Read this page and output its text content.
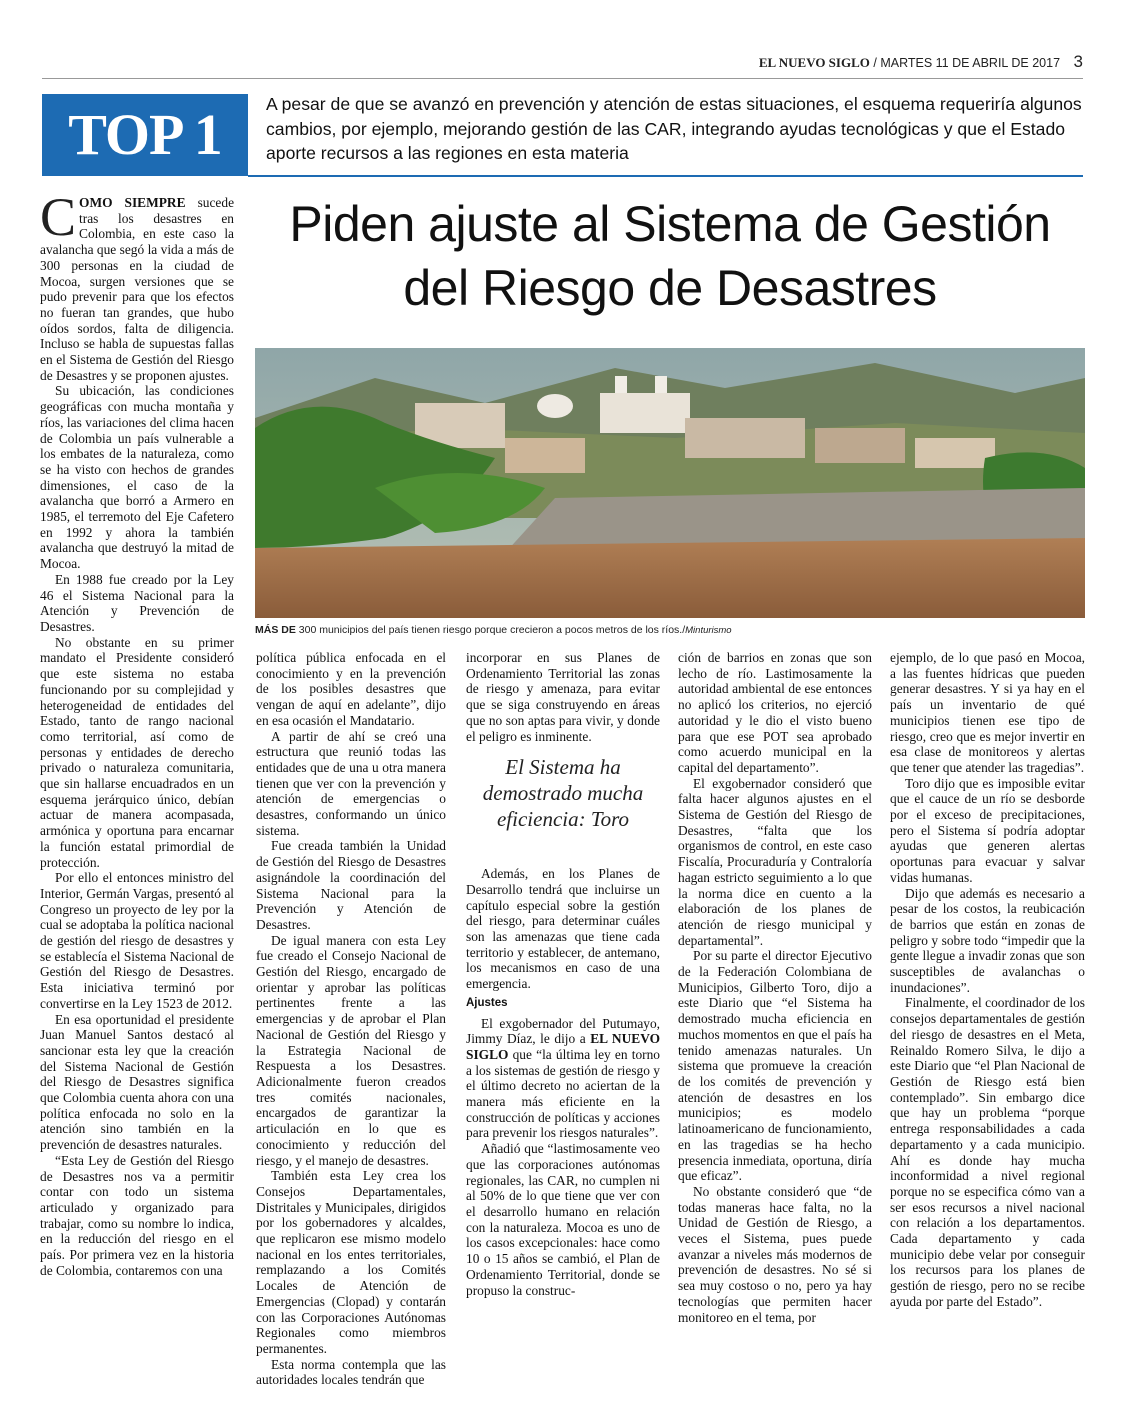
EL NUEVO SIGLO / MARTES 11 DE ABRIL DE 2017 3
TOP 1	A pesar de que se avanzó en prevención y atención de estas situaciones, el esquema requeriría algunos cambios, por ejemplo, mejorando gestión de las CAR, integrando ayudas tecnológicas y que el Estado aporte recursos a las regiones en esta materia
Piden ajuste al Sistema de Gestión del Riesgo de Desastres
MÁS DE 300 municipios del país tienen riesgo porque crecieron a pocos metros de los ríos./Minturismo

COMO SIEMPRE sucede tras los desastres en Colombia, en este caso la avalancha que segó la vida a más de 300 personas en la ciudad de Mocoa, surgen versiones que se pudo prevenir para que los efectos no fueran tan grandes, que hubo oídos sordos, falta de diligencia. Incluso se habla de supuestas fallas en el Sistema de Gestión del Riesgo de Desastres y se proponen ajustes.

Su ubicación, las condiciones geográficas con mucha montaña y ríos, las variaciones del clima hacen de Colombia un país vulnerable a los embates de la naturaleza, como se ha visto con hechos de grandes dimensiones, el caso de la avalancha que borró a Armero en 1985, el terremoto del Eje Cafetero en 1992 y ahora la también avalancha que destruyó la mitad de Mocoa.

En 1988 fue creado por la Ley 46 el Sistema Nacional para la Atención y Prevención de Desastres.

No obstante en su primer mandato el Presidente consideró que este sistema no estaba funcionando por su complejidad y heterogeneidad de entidades del Estado, tanto de rango nacional como territorial, así como de personas y entidades de derecho privado o naturaleza comunitaria, que sin hallarse encuadrados en un esquema jerárquico único, debían actuar de manera acompasada, armónica y oportuna para encarnar la función estatal primordial de protección.

Por ello el entonces ministro del Interior, Germán Vargas, presentó al Congreso un proyecto de ley por la cual se adoptaba la política nacional de gestión del riesgo de desastres y se establecía el Sistema Nacional de Gestión del Riesgo de Desastres. Esta iniciativa terminó por convertirse en la Ley 1523 de 2012.

En esa oportunidad el presidente Juan Manuel Santos destacó al sancionar esta ley que la creación del Sistema Nacional de Gestión del Riesgo de Desastres significa que Colombia cuenta ahora con una política enfocada no solo en la atención sino también en la prevención de desastres naturales.

“Esta Ley de Gestión del Riesgo de Desastres nos va a permitir contar con todo un sistema articulado y organizado para trabajar, como su nombre lo indica, en la reducción del riesgo en el país. Por primera vez en la historia de Colombia, contaremos con una

política pública enfocada en el conocimiento y en la prevención de los posibles desastres que vengan de aquí en adelante”, dijo en esa ocasión el Mandatario.

A partir de ahí se creó una estructura que reunió todas las entidades que de una u otra manera tienen que ver con la prevención y atención de emergencias o desastres, conformando un único sistema.

Fue creada también la Unidad de Gestión del Riesgo de Desastres asignándole la coordinación del Sistema Nacional para la Prevención y Atención de Desastres.

De igual manera con esta Ley fue creado el Consejo Nacional de Gestión del Riesgo, encargado de orientar y aprobar las políticas pertinentes frente a las emergencias y de aprobar el Plan Nacional de Gestión del Riesgo y la Estrategia Nacional de Respuesta a los Desastres. Adicionalmente fueron creados tres comités nacionales, encargados de garantizar la articulación en lo que es conocimiento y reducción del riesgo, y el manejo de desastres.

También esta Ley crea los Consejos Departamentales, Distritales y Municipales, dirigidos por los gobernadores y alcaldes, que replicaron ese mismo modelo nacional en los entes territoriales, remplazando a los Comités Locales de Atención de Emergencias (Clopad) y contarán con las Corporaciones Autónomas Regionales como miembros permanentes.

Esta norma contempla que las autoridades locales tendrán que

incorporar en sus Planes de Ordenamiento Territorial las zonas de riesgo y amenaza, para evitar que se siga construyendo en áreas que no son aptas para vivir, y donde el peligro es inminente.

El Sistema ha demostrado mucha eficiencia: Toro

Además, en los Planes de Desarrollo tendrá que incluirse un capítulo especial sobre la gestión del riesgo, para determinar cuáles son las amenazas que tiene cada territorio y establecer, de antemano, los mecanismos en caso de una emergencia.

Ajustes

El exgobernador del Putumayo, Jimmy Díaz, le dijo a EL NUEVO SIGLO que “la última ley en torno a los sistemas de gestión de riesgo y el último decreto no aciertan de la manera más eficiente en la construcción de políticas y acciones para prevenir los riesgos naturales”.

Añadió que “lastimosamente veo que las corporaciones autónomas regionales, las CAR, no cumplen ni al 50% de lo que tiene que ver con el desarrollo humano en relación con la naturaleza. Mocoa es uno de los casos excepcionales: hace como 10 o 15 años se cambió, el Plan de Ordenamiento Territorial, donde se propuso la construc-

ción de barrios en zonas que son lecho de río. Lastimosamente la autoridad ambiental de ese entonces no aplicó los criterios, no ejerció autoridad y le dio el visto bueno para que ese POT sea aprobado como acuerdo municipal en la capital del departamento”.

El exgobernador consideró que falta hacer algunos ajustes en el Sistema de Gestión del Riesgo de Desastres, “falta que los organismos de control, en este caso Fiscalía, Procuraduría y Contraloría hagan estricto seguimiento a lo que la norma dice en cuento a la elaboración de los planes de atención de riesgo municipal y departamental”.

Por su parte el director Ejecutivo de la Federación Colombiana de Municipios, Gilberto Toro, dijo a este Diario que “el Sistema ha demostrado mucha eficiencia en muchos momentos en que el país ha tenido amenazas naturales. Un sistema que promueve la creación de los comités de prevención y atención de desastres en los municipios; es modelo latinoamericano de funcionamiento, en las tragedias se ha hecho presencia inmediata, oportuna, diría que eficaz”.

No obstante consideró que “de todas maneras hace falta, no la Unidad de Gestión de Riesgo, a veces el Sistema, pues puede avanzar a niveles más modernos de prevención de desastres. No sé si sea muy costoso o no, pero ya hay tecnologías que permiten hacer monitoreo en el tema, por

ejemplo, de lo que pasó en Mocoa, a las fuentes hídricas que pueden generar desastres. Y si ya hay en el país un inventario de qué municipios tienen ese tipo de riesgo, creo que es mejor invertir en esa clase de monitoreos y alertas que tener que atender las tragedias”.

Toro dijo que es imposible evitar que el cauce de un río se desborde por el exceso de precipitaciones, pero el Sistema sí podría adoptar ayudas que generen alertas oportunas para evacuar y salvar vidas humanas.

Dijo que además es necesario a pesar de los costos, la reubicación de barrios que están en zonas de peligro y sobre todo “impedir que la gente llegue a invadir zonas que son susceptibles de avalanchas o inundaciones”.

Finalmente, el coordinador de los consejos departamentales de gestión del riesgo de desastres en el Meta, Reinaldo Romero Silva, le dijo a este Diario que “el Plan Nacional de Gestión de Riesgo está bien contemplado”. Sin embargo dice que hay un problema “porque entrega responsabilidades a cada departamento y a cada municipio. Ahí es donde hay mucha inconformidad a nivel regional porque no se especifica cómo van a ser esos recursos a nivel nacional con relación a los departamentos. Cada departamento y cada municipio debe velar por conseguir los recursos para los planes de gestión de riesgo, pero no se recibe ayuda por parte del Estado”.
